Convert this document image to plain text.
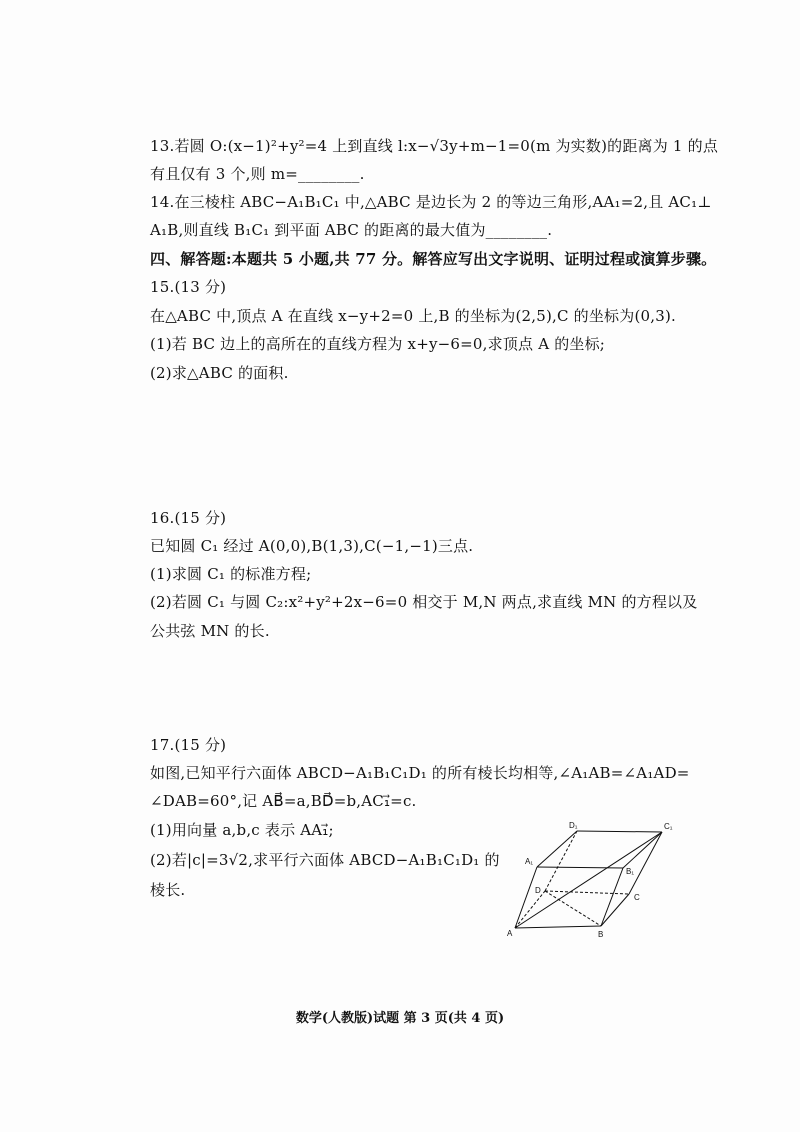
13.若圆 O:(x−1)²+y²=4 上到直线 l:x−√3y+m−1=0(m 为实数)的距离为 1 的点
有且仅有 3 个,则 m=________.
14.在三棱柱 ABC−A₁B₁C₁ 中,△ABC 是边长为 2 的等边三角形,AA₁=2,且 AC₁⊥
A₁B,则直线 B₁C₁ 到平面 ABC 的距离的最大值为________.
四、解答题:本题共 5 小题,共 77 分。解答应写出文字说明、证明过程或演算步骤。
15.(13 分)
在△ABC 中,顶点 A 在直线 x−y+2=0 上,B 的坐标为(2,5),C 的坐标为(0,3).
(1)若 BC 边上的高所在的直线方程为 x+y−6=0,求顶点 A 的坐标;
(2)求△ABC 的面积.
16.(15 分)
已知圆 C₁ 经过 A(0,0),B(1,3),C(−1,−1)三点.
(1)求圆 C₁ 的标准方程;
(2)若圆 C₁ 与圆 C₂:x²+y²+2x−6=0 相交于 M,N 两点,求直线 MN 的方程以及
公共弦 MN 的长.
17.(15 分)
如图,已知平行六面体 ABCD−A₁B₁C₁D₁ 的所有棱长均相等,∠A₁AB=∠A₁AD=
∠DAB=60°,记 AB⃗=a,BD⃗=b,AC₁⃗=c.
(1)用向量 a,b,c 表示 AA₁⃗;
(2)若|c|=3√2,求平行六面体 ABCD−A₁B₁C₁D₁ 的
棱长.
A	B
C
D
A₁
B₁
C₁
D₁
数学(人教版)试题 第 3 页(共 4 页)
